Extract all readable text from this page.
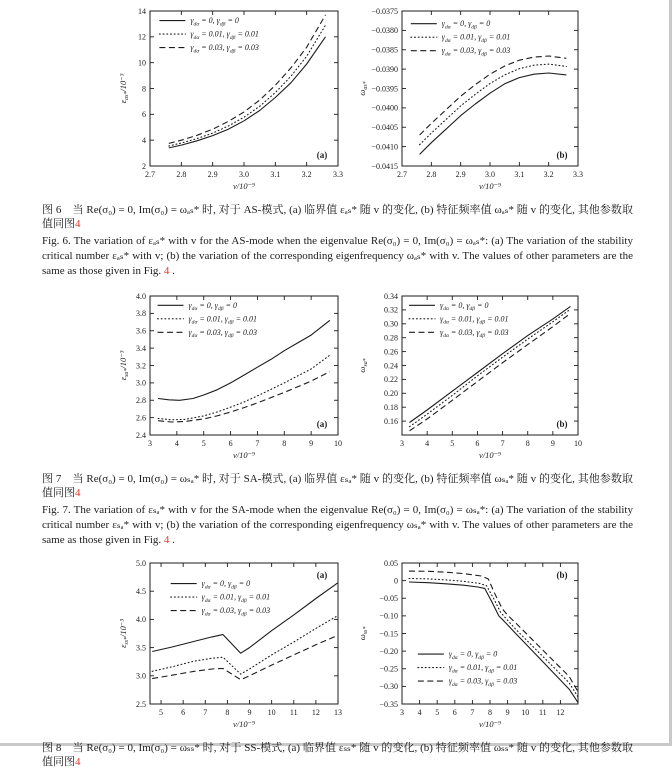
2.7	2.8	2.9	3.0	3.1	3.2	3.3
2
4
6
8
10
12
14
v/10⁻⁹
$\varepsilon_{as*}/10^{-3}$
$\gamma_{d\alpha} = 0$, $\gamma_{d\beta} = 0$
$\gamma_{d\alpha} = 0.01$, $\gamma_{d\beta} = 0.01$
$\gamma_{d\alpha} = 0.03$, $\gamma_{d\beta} = 0.03$
(a)
2.7 2.8 2.9 3.0 3.1 3.2 3.3
−0.0415
−0.0410
−0.0405
−0.0400
−0.0395
−0.0390
−0.0385
−0.0380
−0.0375
v/10⁻⁹
$\omega_{as*}$
$\gamma_{d\alpha} = 0$, $\gamma_{d\beta} = 0$
$\gamma_{d\alpha} = 0.01$, $\gamma_{d\beta} = 0.01$
$\gamma_{d\alpha} = 0.03$, $\gamma_{d\beta} = 0.03$
(b)

图 6　当 Re(σ₀) = 0, Im(σ₀) = ωₐₛ* 时, 对于 AS-模式, (a) 临界值 εₐₛ* 随 v 的变化, (b) 特征频率值 ωₐₛ* 随 v 的变化, 其他参数取值同图4

Fig. 6. The variation of εₐₛ* with v for the AS-mode when the eigenvalue Re(σ₀) = 0, Im(σ₀) = ωₐₛ*: (a) The variation of the stability critical number εₐₛ* with v; (b) the variation of the corresponding eigenfrequency ωₐₛ* with v. The values of other parameters are the same as those given in Fig. 4 .

3	4	5	6	7	8	9	10
2.4
2.6
2.8
3.0
3.2
3.4
3.6
3.8
4.0
v/10⁻⁹
$\varepsilon_{sa*}/10^{-3}$
$\gamma_{d\alpha} = 0$, $\gamma_{d\beta} = 0$
$\gamma_{d\alpha} = 0.01$, $\gamma_{d\beta} = 0.01$
$\gamma_{d\alpha} = 0.03$, $\gamma_{d\beta} = 0.03$
(a)
3	4	5	6	7	8	9 10
0.16
0.18
0.20
0.22
0.24
0.26
0.28
0.30
0.32
0.34
v/10⁻⁹
$\omega_{sa*}$
$\gamma_{d\alpha} = 0$, $\gamma_{d\beta} = 0$
$\gamma_{d\alpha} = 0.01$, $\gamma_{d\beta} = 0.01$
$\gamma_{d\alpha} = 0.03$, $\gamma_{d\beta} = 0.03$
(b)

图 7　当 Re(σ₀) = 0, Im(σ₀) = ωₛₐ* 时, 对于 SA-模式, (a) 临界值 εₛₐ* 随 v 的变化, (b) 特征频率值 ωₛₐ* 随 v 的变化, 其他参数取值同图4

Fig. 7. The variation of εₛₐ* with v for the SA-mode when the eigenvalue Re(σ₀) = 0, Im(σ₀) = ωₛₐ*: (a) The variation of the stability critical number εₛₐ* with v; (b) the variation of the corresponding eigenfrequency ωₛₐ* with v. The values of other parameters are the same as those given in Fig. 4 .

5 6 7 8 9 10 11 12 13
2.5
3.0
3.5
4.0
4.5
5.0
v/10⁻⁹
$\varepsilon_{ss*}/10^{-3}$
$\gamma_{d\alpha} = 0$, $\gamma_{d\beta} = 0$
$\gamma_{d\alpha} = 0.01$, $\gamma_{d\beta} = 0.01$
$\gamma_{d\alpha} = 0.03$, $\gamma_{d\beta} = 0.03$
(a)
3 4 5 6 7 8 9 10 11 12
−0.35
−0.30
−0.25
−0.20
−0.15
−0.10
−0.05
0
0.05
v/10⁻⁹
$\omega_{ss*}$
$\gamma_{d\alpha} = 0$, $\gamma_{d\beta} = 0$
$\gamma_{d\alpha} = 0.01$, $\gamma_{d\beta} = 0.01$
$\gamma_{d\alpha} = 0.03$, $\gamma_{d\beta} = 0.03$
(b)

图 8　当 Re(σ₀) = 0, Im(σ₀) = ωₛₛ* 时, 对于 SS-模式, (a) 临界值 εₛₛ* 随 v 的变化, (b) 特征频率值 ωₛₛ* 随 v 的变化, 其他参数取值同图4
